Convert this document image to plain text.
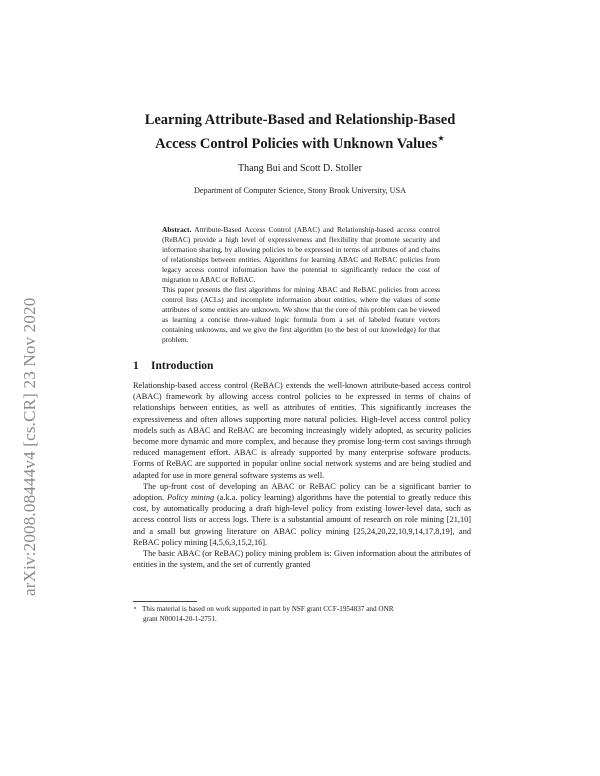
arXiv:2008.08444v4 [cs.CR] 23 Nov 2020
Learning Attribute-Based and Relationship-Based
Access Control Policies with Unknown Values⋆
Thang Bui and Scott D. Stoller
Department of Computer Science, Stony Brook University, USA

Abstract. Attribute-Based Access Control (ABAC) and Relationship-based access control (ReBAC) provide a high level of expressiveness and flexibility that promote security and information sharing, by allowing policies to be expressed in terms of attributes of and chains of relationships between entities. Algorithms for learning ABAC and ReBAC policies from legacy access control information have the potential to significantly reduce the cost of migration to ABAC or ReBAC.

This paper presents the first algorithms for mining ABAC and ReBAC policies from access control lists (ACLs) and incomplete information about entities, where the values of some attributes of some entities are unknown. We show that the core of this problem can be viewed as learning a concise three-valued logic formula from a set of labeled feature vectors containing unknowns, and we give the first algorithm (to the best of our knowledge) for that problem.

1 Introduction

Relationship-based access control (ReBAC) extends the well-known attribute-based access control (ABAC) framework by allowing access control policies to be expressed in terms of chains of relationships between entities, as well as attributes of entities. This significantly increases the expressiveness and often allows supporting more natural policies. High-level access control policy models such as ABAC and ReBAC are becoming increasingly widely adopted, as security policies become more dynamic and more complex, and because they promise long-term cost savings through reduced management effort. ABAC is already supported by many enterprise software products. Forms of ReBAC are supported in popular online social network systems and are being studied and adapted for use in more general software systems as well.

The up-front cost of developing an ABAC or ReBAC policy can be a significant barrier to adoption. Policy mining (a.k.a. policy learning) algorithms have the potential to greatly reduce this cost, by automatically producing a draft high-level policy from existing lower-level data, such as access control lists or access logs. There is a substantial amount of research on role mining [21,10] and a small but growing literature on ABAC policy mining [25,24,20,22,10,9,14,17,8,19], and ReBAC policy mining [4,5,6,3,15,2,16].

The basic ABAC (or ReBAC) policy mining problem is: Given information about the attributes of entities in the system, and the set of currently granted

⋆ This material is based on work supported in part by NSF grant CCF-1954837 and ONR
grant N00014-20-1-2751.
